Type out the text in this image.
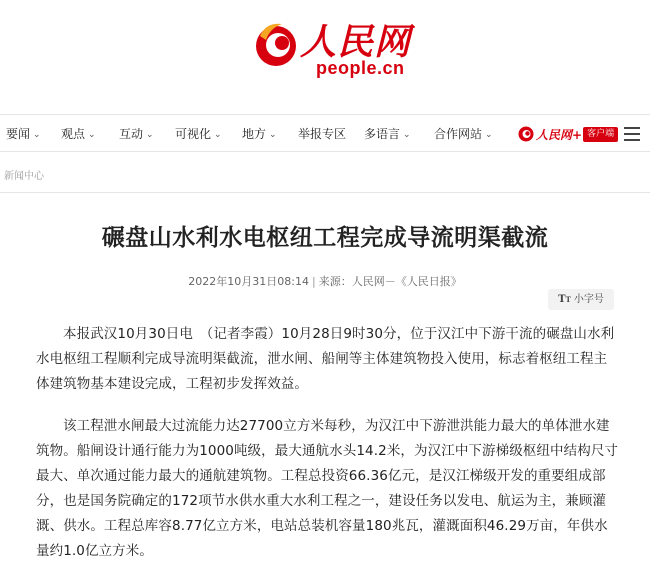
人民网
people.cn
要闻 ⌄ 观点 ⌄ 互动 ⌄ 可视化 ⌄ 地方 ⌄ 举报专区 多语言 ⌄ 合作网站 ⌄	人民网+ 客户端
新闻中心
碾盘山水利水电枢纽工程完成导流明渠截流
2022年10月31日08:14 | 来源：人民网－《人民日报》
TT 小字号

本报武汉10月30日电　（记者李霞）10月28日9时30分，位于汉江中下游干流的碾盘山水利水电枢纽工程顺利完成导流明渠截流，泄水闸、船闸等主体建筑物投入使用，标志着枢纽工程主体建筑物基本建设完成，工程初步发挥效益。

该工程泄水闸最大过流能力达27700立方米每秒，为汉江中下游泄洪能力最大的单体泄水建筑物。船闸设计通行能力为1000吨级，最大通航水头14.2米，为汉江中下游梯级枢纽中结构尺寸最大、单次通过能力最大的通航建筑物。工程总投资66.36亿元，是汉江梯级开发的重要组成部分，也是国务院确定的172项节水供水重大水利工程之一，建设任务以发电、航运为主，兼顾灌溉、供水。工程总库容8.77亿立方米，电站总装机容量180兆瓦，灌溉面积46.29万亩，年供水量约1.0亿立方米。
